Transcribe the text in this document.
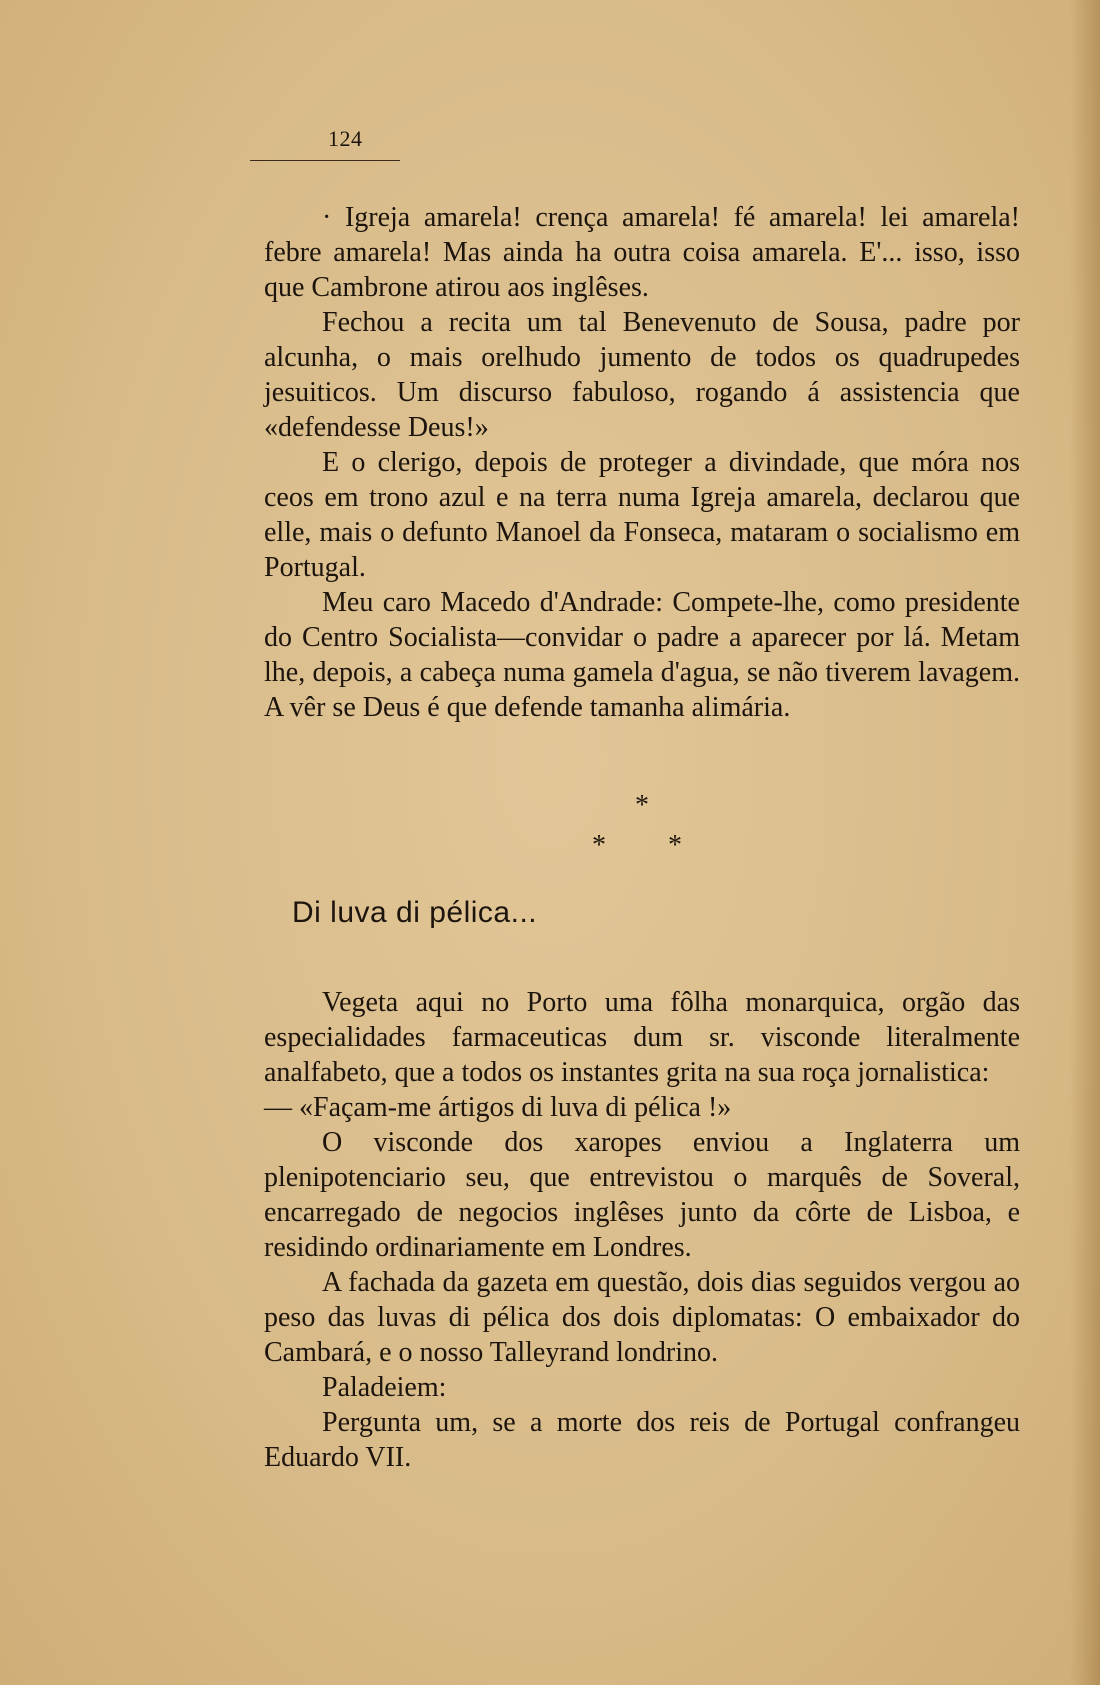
124

· Igreja amarela! crença amarela! fé amarela! lei amarela! febre amarela! Mas ainda ha outra coisa amarela. E'... isso, isso que Cambrone atirou aos inglêses.

Fechou a recita um tal Benevenuto de Sousa, padre por alcunha, o mais orelhudo jumento de todos os quadrupedes jesuiticos. Um discurso fabuloso, rogando á assistencia que «defendesse Deus!»

E o clerigo, depois de proteger a divindade, que móra nos ceos em trono azul e na terra numa Igreja amarela, declarou que elle, mais o defunto Manoel da Fonseca, mataram o socialismo em Portugal.

Meu caro Macedo d'Andrade: Compete-lhe, como presidente do Centro Socialista—convidar o padre a aparecer por lá. Metam lhe, depois, a cabeça numa gamela d'agua, se não tiverem lavagem. A vêr se Deus é que defende tamanha alimária.

*
* *
Di luva di pélica...

Vegeta aqui no Porto uma fôlha monarquica, orgão das especialidades farmaceuticas dum sr. visconde literalmente analfabeto, que a todos os instantes grita na sua roça jornalistica:

— «Façam-me ártigos di luva di pélica !»

O visconde dos xaropes enviou a Inglaterra um plenipotenciario seu, que entrevistou o marquês de Soveral, encarregado de negocios inglêses junto da côrte de Lisboa, e residindo ordinariamente em Londres.

A fachada da gazeta em questão, dois dias seguidos vergou ao peso das luvas di pélica dos dois diplomatas: O embaixador do Cambará, e o nosso Talleyrand londrino.

Paladeiem:

Pergunta um, se a morte dos reis de Portugal confrangeu Eduardo VII.
